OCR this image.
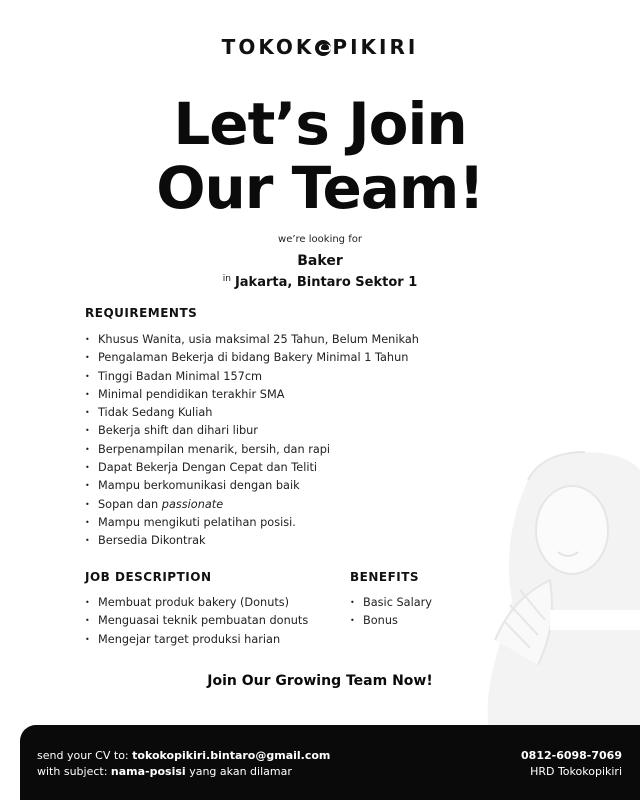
TOKOK PIKIRI
Let’s Join
Our Team!
we’re looking for
Baker
$^{in}$ Jakarta, Bintaro Sektor 1
REQUIREMENTS
• Khusus Wanita, usia maksimal 25 Tahun, Belum Menikah
• Pengalaman Bekerja di bidang Bakery Minimal 1 Tahun
• Tinggi Badan Minimal 157cm
• Minimal pendidikan terakhir SMA
• Tidak Sedang Kuliah
• Bekerja shift dan dihari libur
• Berpenampilan menarik, bersih, dan rapi
• Dapat Bekerja Dengan Cepat dan Teliti
• Mampu berkomunikasi dengan baik
• Sopan dan passionate
• Mampu mengikuti pelatihan posisi.
• Bersedia Dikontrak
JOB DESCRIPTION
• Membuat produk bakery (Donuts)
• Menguasai teknik pembuatan donuts
• Mengejar target produksi harian
BENEFITS
• Basic Salary
• Bonus
Join Our Growing Team Now!
send your CV to: tokokopikiri.bintaro@gmail.com
with subject: nama-posisi yang akan dilamar
0812-6098-7069
HRD Tokokopikiri
